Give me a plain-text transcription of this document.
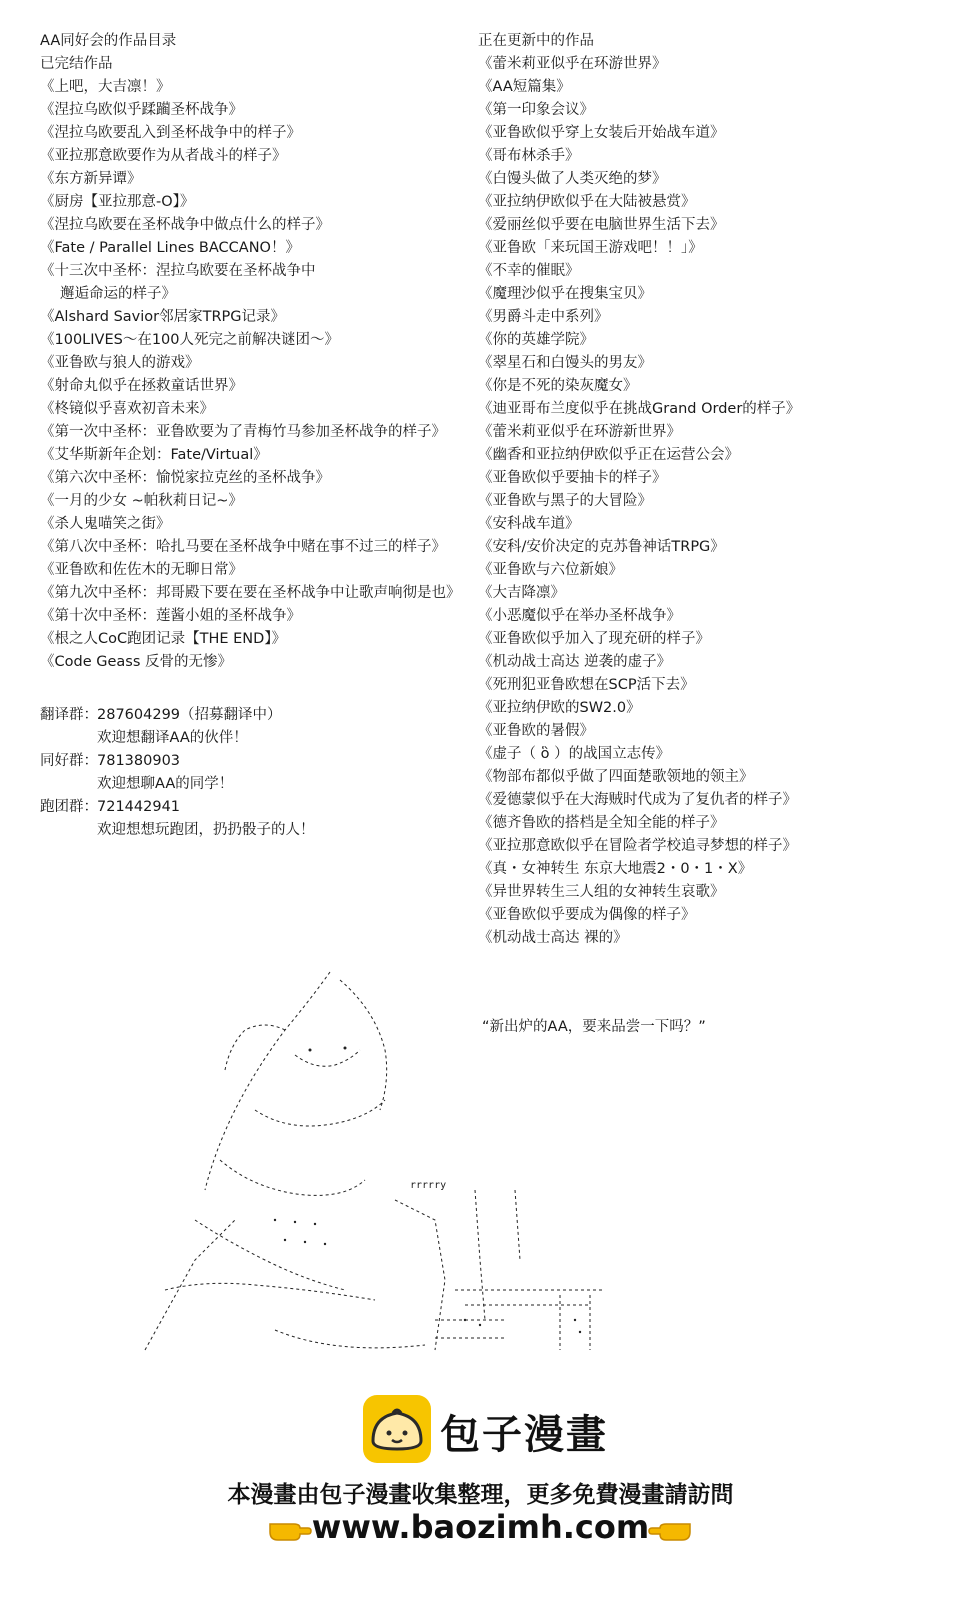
AA同好会的作品目录
已完结作品
《上吧，大吉凛！》
《涅拉乌欧似乎蹂躏圣杯战争》
《涅拉乌欧要乱入到圣杯战争中的样子》
《亚拉那意欧要作为从者战斗的样子》
《东方新异谭》
《厨房【亚拉那意-O】》
《涅拉乌欧要在圣杯战争中做点什么的样子》
《Fate / Parallel Lines BACCANO！》
《十三次中圣杯：涅拉乌欧要在圣杯战争中
邂逅命运的样子》
《Alshard Savior邻居家TRPG记录》
《100LIVES～在100人死完之前解决谜团～》
《亚鲁欧与狼人的游戏》
《射命丸似乎在拯救童话世界》
《柊镜似乎喜欢初音未来》
《第一次中圣杯：亚鲁欧要为了青梅竹马参加圣杯战争的样子》
《艾华斯新年企划：Fate/Virtual》
《第六次中圣杯：愉悦家拉克丝的圣杯战争》
《一月的少女 ~帕秋莉日记~》
《杀人鬼喵笑之街》
《第八次中圣杯：哈扎马要在圣杯战争中赌在事不过三的样子》
《亚鲁欧和佐佐木的无聊日常》
《第九次中圣杯：邦哥殿下要在要在圣杯战争中让歌声响彻是也》
《第十次中圣杯：莲酱小姐的圣杯战争》
《根之人CoC跑团记录【THE END】》
《Code Geass 反骨的无惨》
正在更新中的作品
《蕾米莉亚似乎在环游世界》
《AA短篇集》
《第一印象会议》
《亚鲁欧似乎穿上女装后开始战车道》
《哥布林杀手》
《白馒头做了人类灭绝的梦》
《亚拉纳伊欧似乎在大陆被悬赏》
《爱丽丝似乎要在电脑世界生活下去》
《亚鲁欧「来玩国王游戏吧！！」》
《不幸的催眠》
《魔理沙似乎在搜集宝贝》
《男爵斗走中系列》
《你的英雄学院》
《翠星石和白馒头的男友》
《你是不死的染灰魔女》
《迪亚哥布兰度似乎在挑战Grand Order的样子》
《蕾米莉亚似乎在环游新世界》
《幽香和亚拉纳伊欧似乎正在运营公会》
《亚鲁欧似乎要抽卡的样子》
《亚鲁欧与黑子的大冒险》
《安科战车道》
《安科/安价决定的克苏鲁神话TRPG》
《亚鲁欧与六位新娘》
《大吉降凛》
《小恶魔似乎在举办圣杯战争》
《亚鲁欧似乎加入了现充研的样子》
《机动战士高达 逆袭的虚子》
《死刑犯亚鲁欧想在SCP活下去》
《亚拉纳伊欧的SW2.0》
《亚鲁欧的暑假》
《虚子（ ὃ ）的战国立志传》
《物部布都似乎做了四面楚歌领地的领主》
《爱德蒙似乎在大海贼时代成为了复仇者的样子》
《德齐鲁欧的搭档是全知全能的样子》
《亚拉那意欧似乎在冒险者学校追寻梦想的样子》
《真・女神转生 东京大地震2・0・1・X》
《异世界转生三人组的女神转生哀歌》
《亚鲁欧似乎要成为偶像的样子》
《机动战士高达 裸的》
翻译群： 287604299（招募翻译中）
欢迎想翻译AA的伙伴！
同好群： 781380903
欢迎想聊AA的同学！
跑团群： 721442941
欢迎想想玩跑团，扔扔骰子的人！
rrrrry
“新出炉的AA，要来品尝一下吗？”
包子漫畫
本漫畫由包子漫畫收集整理，更多免費漫畫請訪問
www.baozimh.com
